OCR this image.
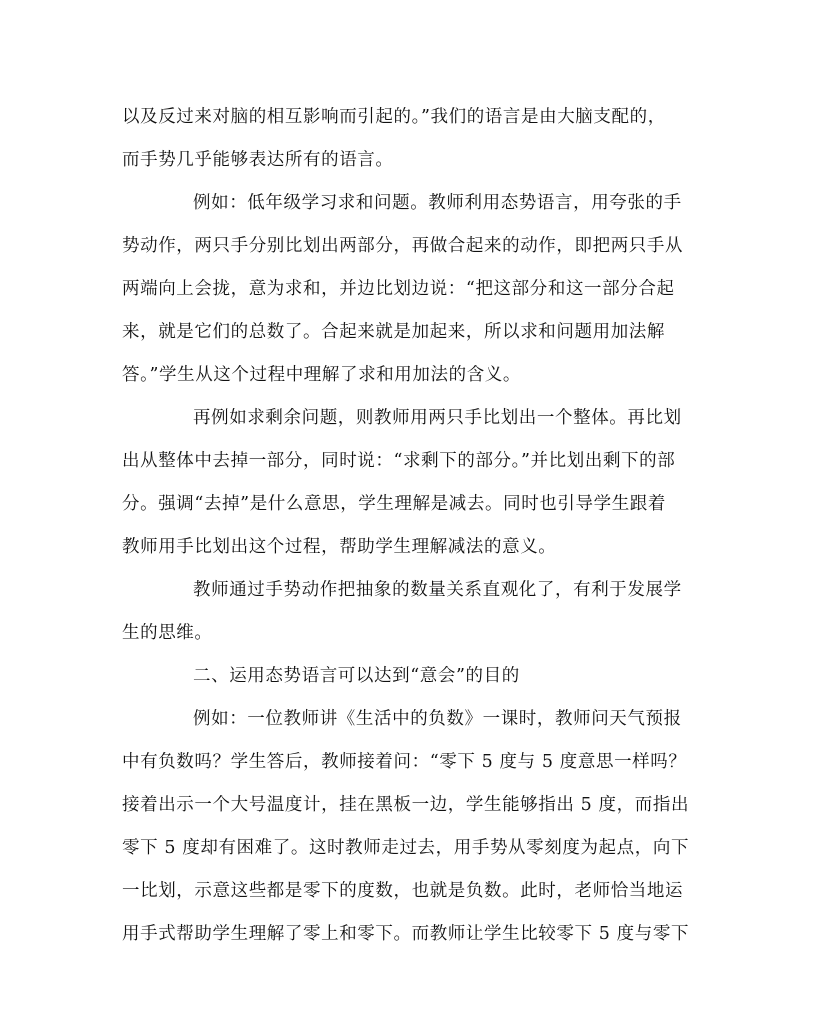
以及反过来对脑的相互影响而引起的。”我们的语言是由大脑支配的，
而手势几乎能够表达所有的语言。
例如：低年级学习求和问题。教师利用态势语言，用夸张的手
势动作，两只手分别比划出两部分，再做合起来的动作，即把两只手从
两端向上会拢，意为求和，并边比划边说：“把这部分和这一部分合起
来，就是它们的总数了。合起来就是加起来，所以求和问题用加法解
答。”学生从这个过程中理解了求和用加法的含义。
再例如求剩余问题，则教师用两只手比划出一个整体。再比划
出从整体中去掉一部分，同时说：“求剩下的部分。”并比划出剩下的部
分。强调“去掉”是什么意思，学生理解是减去。同时也引导学生跟着
教师用手比划出这个过程，帮助学生理解减法的意义。
教师通过手势动作把抽象的数量关系直观化了，有利于发展学
生的思维。
二、运用态势语言可以达到“意会”的目的
例如：一位教师讲《生活中的负数》一课时，教师问天气预报
中有负数吗？学生答后，教师接着问：“零下 5 度与 5 度意思一样吗？
接着出示一个大号温度计，挂在黑板一边，学生能够指出 5 度，而指出
零下 5 度却有困难了。这时教师走过去，用手势从零刻度为起点，向下
一比划，示意这些都是零下的度数，也就是负数。此时，老师恰当地运
用手式帮助学生理解了零上和零下。而教师让学生比较零下 5 度与零下
